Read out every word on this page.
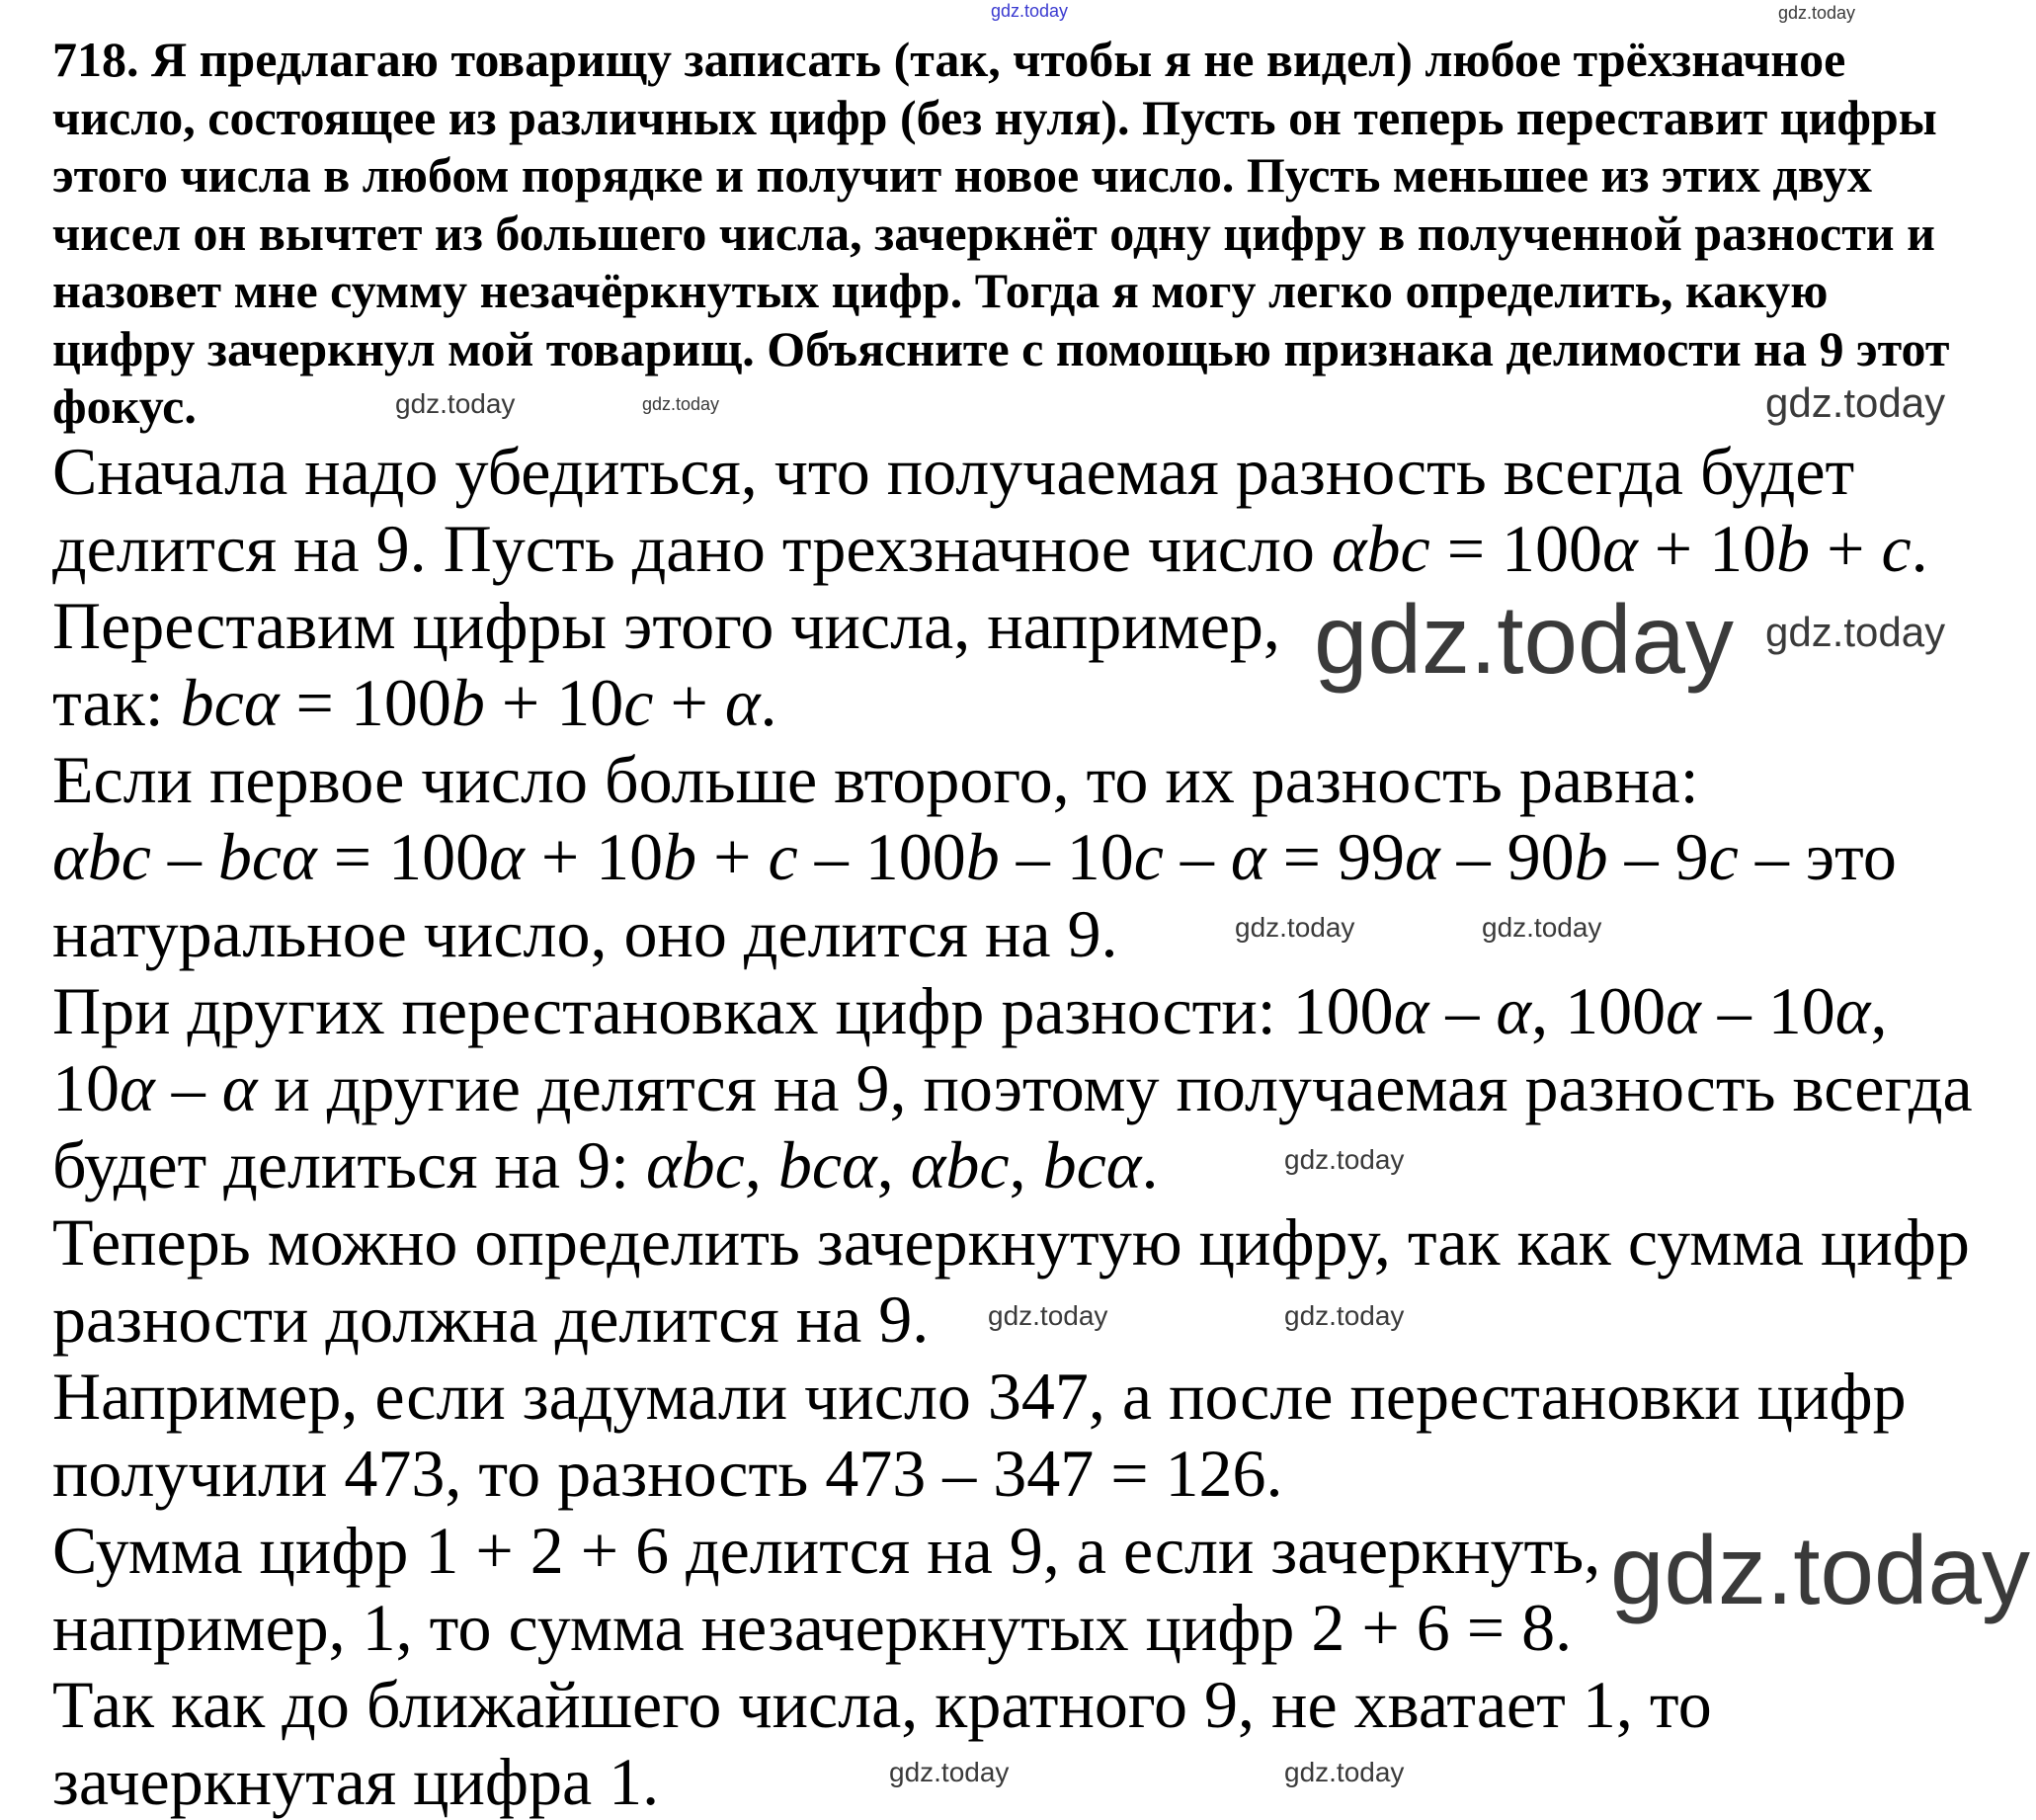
718. Я предлагаю товарищу записать (так, чтобы я не видел) любое трёхзначное
число, состоящее из различных цифр (без нуля). Пусть он теперь переставит цифры
этого числа в любом порядке и получит новое число. Пусть меньшее из этих двух
чисел он вычтет из большего числа, зачеркнёт одну цифру в полученной разности и
назовет мне сумму незачёркнутых цифр. Тогда я могу легко определить, какую
цифру зачеркнул мой товарищ. Объясните с помощью признака делимости на 9 этот
фокус.
Сначала надо убедиться, что получаемая разность всегда будет
делится на 9. Пусть дано трехзначное число αbc = 100α + 10b + c.
Переставим цифры этого числа, например,
так: bcα = 100b + 10c + α.
Если первое число больше второго, то их разность равна:
αbc – bcα = 100α + 10b + c – 100b – 10c – α = 99α – 90b – 9c – это
натуральное число, оно делится на 9.
При других перестановках цифр разности: 100α – α, 100α – 10α,
10α – α и другие делятся на 9, поэтому получаемая разность всегда
будет делиться на 9: αbc, bcα, αbc, bcα.
Теперь можно определить зачеркнутую цифру, так как сумма цифр
разности должна делится на 9.
Например, если задумали число 347, а после перестановки цифр
получили 473, то разность 473 – 347 = 126.
Сумма цифр 1 + 2 + 6 делится на 9, а если зачеркнуть,
например, 1, то сумма незачеркнутых цифр 2 + 6 = 8.
Так как до ближайшего числа, кратного 9, не хватает 1, то
зачеркнутая цифра 1.
gdz.today	gdz.today
gdz.today	gdz.today	gdz.today
gdz.today
gdz.today
gdz.today
gdz.today
gdz.today
gdz.today
gdz.today	gdz.today
gdz.today	gdz.today
